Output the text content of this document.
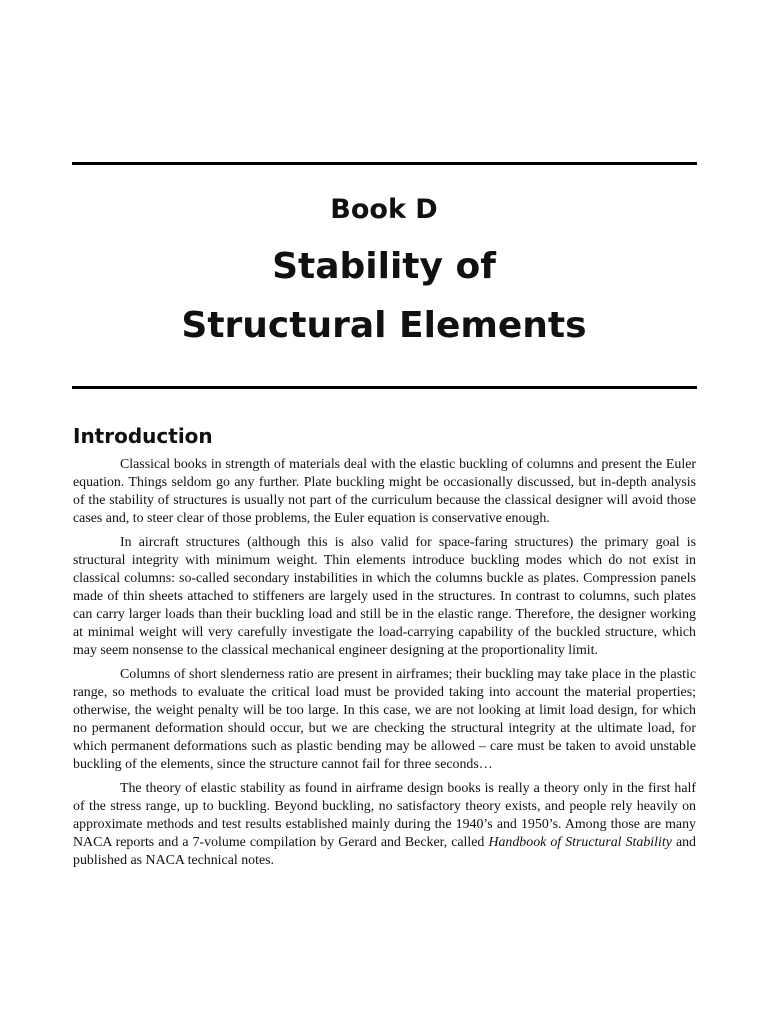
Book D
Stability of
Structural Elements
Introduction

Classical books in strength of materials deal with the elastic buckling of columns and present the Euler equation. Things seldom go any further. Plate buckling might be occasionally discussed, but in-depth analysis of the stability of structures is usually not part of the curriculum because the classical designer will avoid those cases and, to steer clear of those problems, the Euler equation is conservative enough.

In aircraft structures (although this is also valid for space-faring structures) the primary goal is structural integrity with minimum weight. Thin elements introduce buckling modes which do not exist in classical columns: so-called secondary instabilities in which the columns buckle as plates. Compression panels made of thin sheets attached to stiffeners are largely used in the structures. In contrast to columns, such plates can carry larger loads than their buckling load and still be in the elastic range. Therefore, the designer working at minimal weight will very carefully investigate the load-carrying capability of the buckled structure, which may seem nonsense to the classical mechanical engineer designing at the proportionality limit.

Columns of short slenderness ratio are present in airframes; their buckling may take place in the plastic range, so methods to evaluate the critical load must be provided taking into account the material properties; otherwise, the weight penalty will be too large. In this case, we are not looking at limit load design, for which no permanent deformation should occur, but we are checking the structural integrity at the ultimate load, for which permanent deformations such as plastic bending may be allowed – care must be taken to avoid unstable buckling of the elements, since the structure cannot fail for three seconds…

The theory of elastic stability as found in airframe design books is really a theory only in the first half of the stress range, up to buckling. Beyond buckling, no satisfactory theory exists, and people rely heavily on approximate methods and test results established mainly during the 1940’s and 1950’s. Among those are many NACA reports and a 7-volume compilation by Gerard and Becker, called Handbook of Structural Stability and published as NACA technical notes.
